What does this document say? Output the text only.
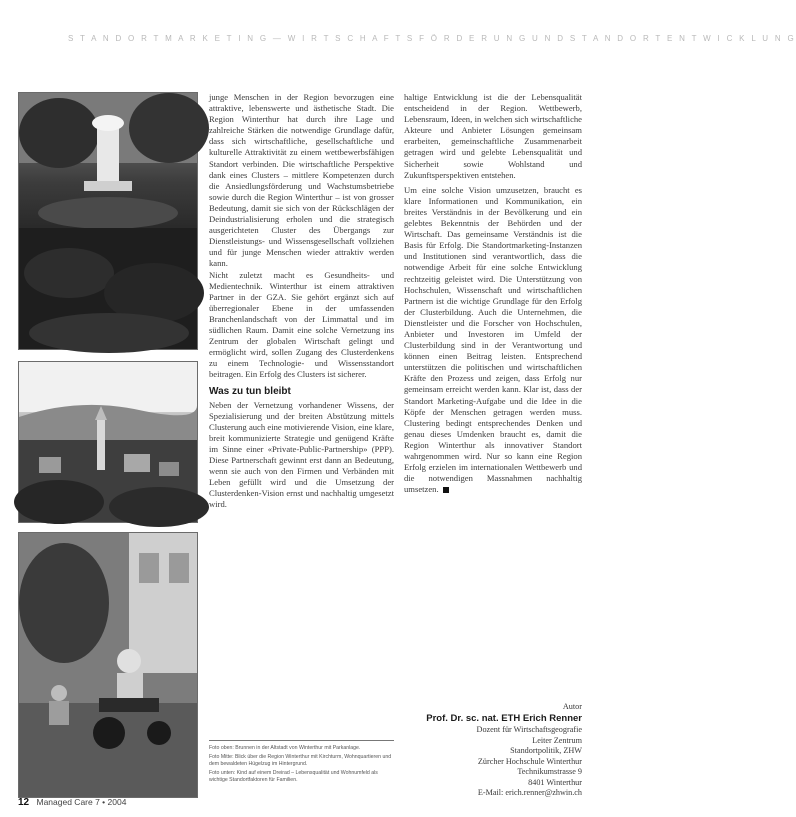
S T A N D O R T M A R K E T I N G — W I R T S C H A F T S F Ö R D E R U N G U N D S T A N D O R T E N T W I C K L U N G

junge Menschen in der Region bevorzugen eine attraktive, lebenswerte und ästhetische Stadt. Die Region Winterthur hat durch ihre Lage und zahlreiche Stärken die notwendige Grundlage dafür, dass sich wirtschaftliche, gesellschaftliche und kulturelle Attraktivität zu einem wettbewerbsfähigen Standort verbinden. Die wirtschaftliche Perspektive dank eines Clusters – mittlere Kompetenzen durch die Ansiedlungsförderung und Wachstumsbetriebe sowie durch die Region Winterthur – ist von grosser Bedeutung, damit sie sich von der Rückschlägen der Deindustrialisierung erholen und die strategisch ausgerichteten Cluster des Übergangs zur Dienstleistungs- und Wissensgesellschaft vollziehen und für junge Menschen wieder attraktiv werden kann.

Nicht zuletzt macht es Gesundheits- und Medientechnik. Winterthur ist einem attraktiven Partner in der GZA. Sie gehört ergänzt sich auf überregionaler Ebene in der umfassenden Branchenlandschaft von der Limmattal und im südlichen Raum. Damit eine solche Vernetzung ins Zentrum der globalen Wirtschaft gelingt und ermöglicht wird, sollen Zugang des Clusterdenkens zu einem Technologie- und Wissensstandort beitragen. Ein Erfolg des Clusters ist sicherer.

Was zu tun bleibt

Neben der Vernetzung vorhandener Wissens, der Spezialisierung und der breiten Abstützung mittels Clusterung auch eine motivierende Vision, eine klare, breit kommunizierte Strategie und genügend Kräfte im Sinne einer «Private-Public-Partnership» (PPP). Diese Partnerschaft gewinnt erst dann an Bedeutung, wenn sie auch von den Firmen und Verbänden mit Leben gefüllt wird und die Umsetzung der Clusterdenken-Vision ernst und nachhaltig umgesetzt wird.

Foto oben: Brunnen in der Altstadt von Winterthur mit Parkanlage.

Foto Mitte: Blick über die Region Winterthur mit Kirchturm, Wohnquartieren und dem bewaldeten Hügelzug im Hintergrund.

Foto unten: Kind auf einem Dreirad – Lebensqualität und Wohnumfeld als wichtige Standortfaktoren für Familien.

haltige Entwicklung ist die der Lebensqualität entscheidend in der Region. Wettbewerb, Lebensraum, Ideen, in welchen sich wirtschaftliche Akteure und Anbieter Lösungen gemeinsam erarbeiten, gemeinschaftliche Zusammenarbeit getragen wird und gelebte Lebensqualität und Sicherheit sowie Wohlstand und Zukunftsperspektiven entstehen.

Um eine solche Vision umzusetzen, braucht es klare Informationen und Kommunikation, ein breites Verständnis in der Bevölkerung und ein gelebtes Bekenntnis der Behörden und der Wirtschaft. Das gemeinsame Verständnis ist die Basis für Erfolg. Die Standortmarketing-Instanzen und Institutionen sind verantwortlich, dass die notwendige Arbeit für eine solche Entwicklung rechtzeitig geleistet wird. Die Unterstützung von Hochschulen, Wissenschaft und wirtschaftlichen Partnern ist die wichtige Grundlage für den Erfolg der Clusterbildung. Auch die Unternehmen, die Dienstleister und die Forscher von Hochschulen, Anbieter und Investoren im Umfeld der Clusterbildung sind in der Verantwortung und können einen Beitrag leisten. Entsprechend unterstützen die politischen und wirtschaftlichen Kräfte den Prozess und zeigen, dass Erfolg nur gemeinsam erreicht werden kann. Klar ist, dass der Standort Marketing-Aufgabe und die Idee in die Köpfe der Menschen getragen werden muss. Clustering bedingt entsprechendes Denken und genau dieses Umdenken braucht es, damit die Region Winterthur als innovativer Standort wahrgenommen wird. Nur so kann eine Region Erfolg erzielen im internationalen Wettbewerb und die notwendigen Massnahmen nachhaltig umsetzen.

Autor
Prof. Dr. sc. nat. ETH Erich Renner
Dozent für Wirtschaftsgeografie
Leiter Zentrum
Standortpolitik, ZHW
Zürcher Hochschule Winterthur
Technikumstrasse 9
8401 Winterthur
E-Mail: erich.renner@zhwin.ch
12 Managed Care 7 • 2004
